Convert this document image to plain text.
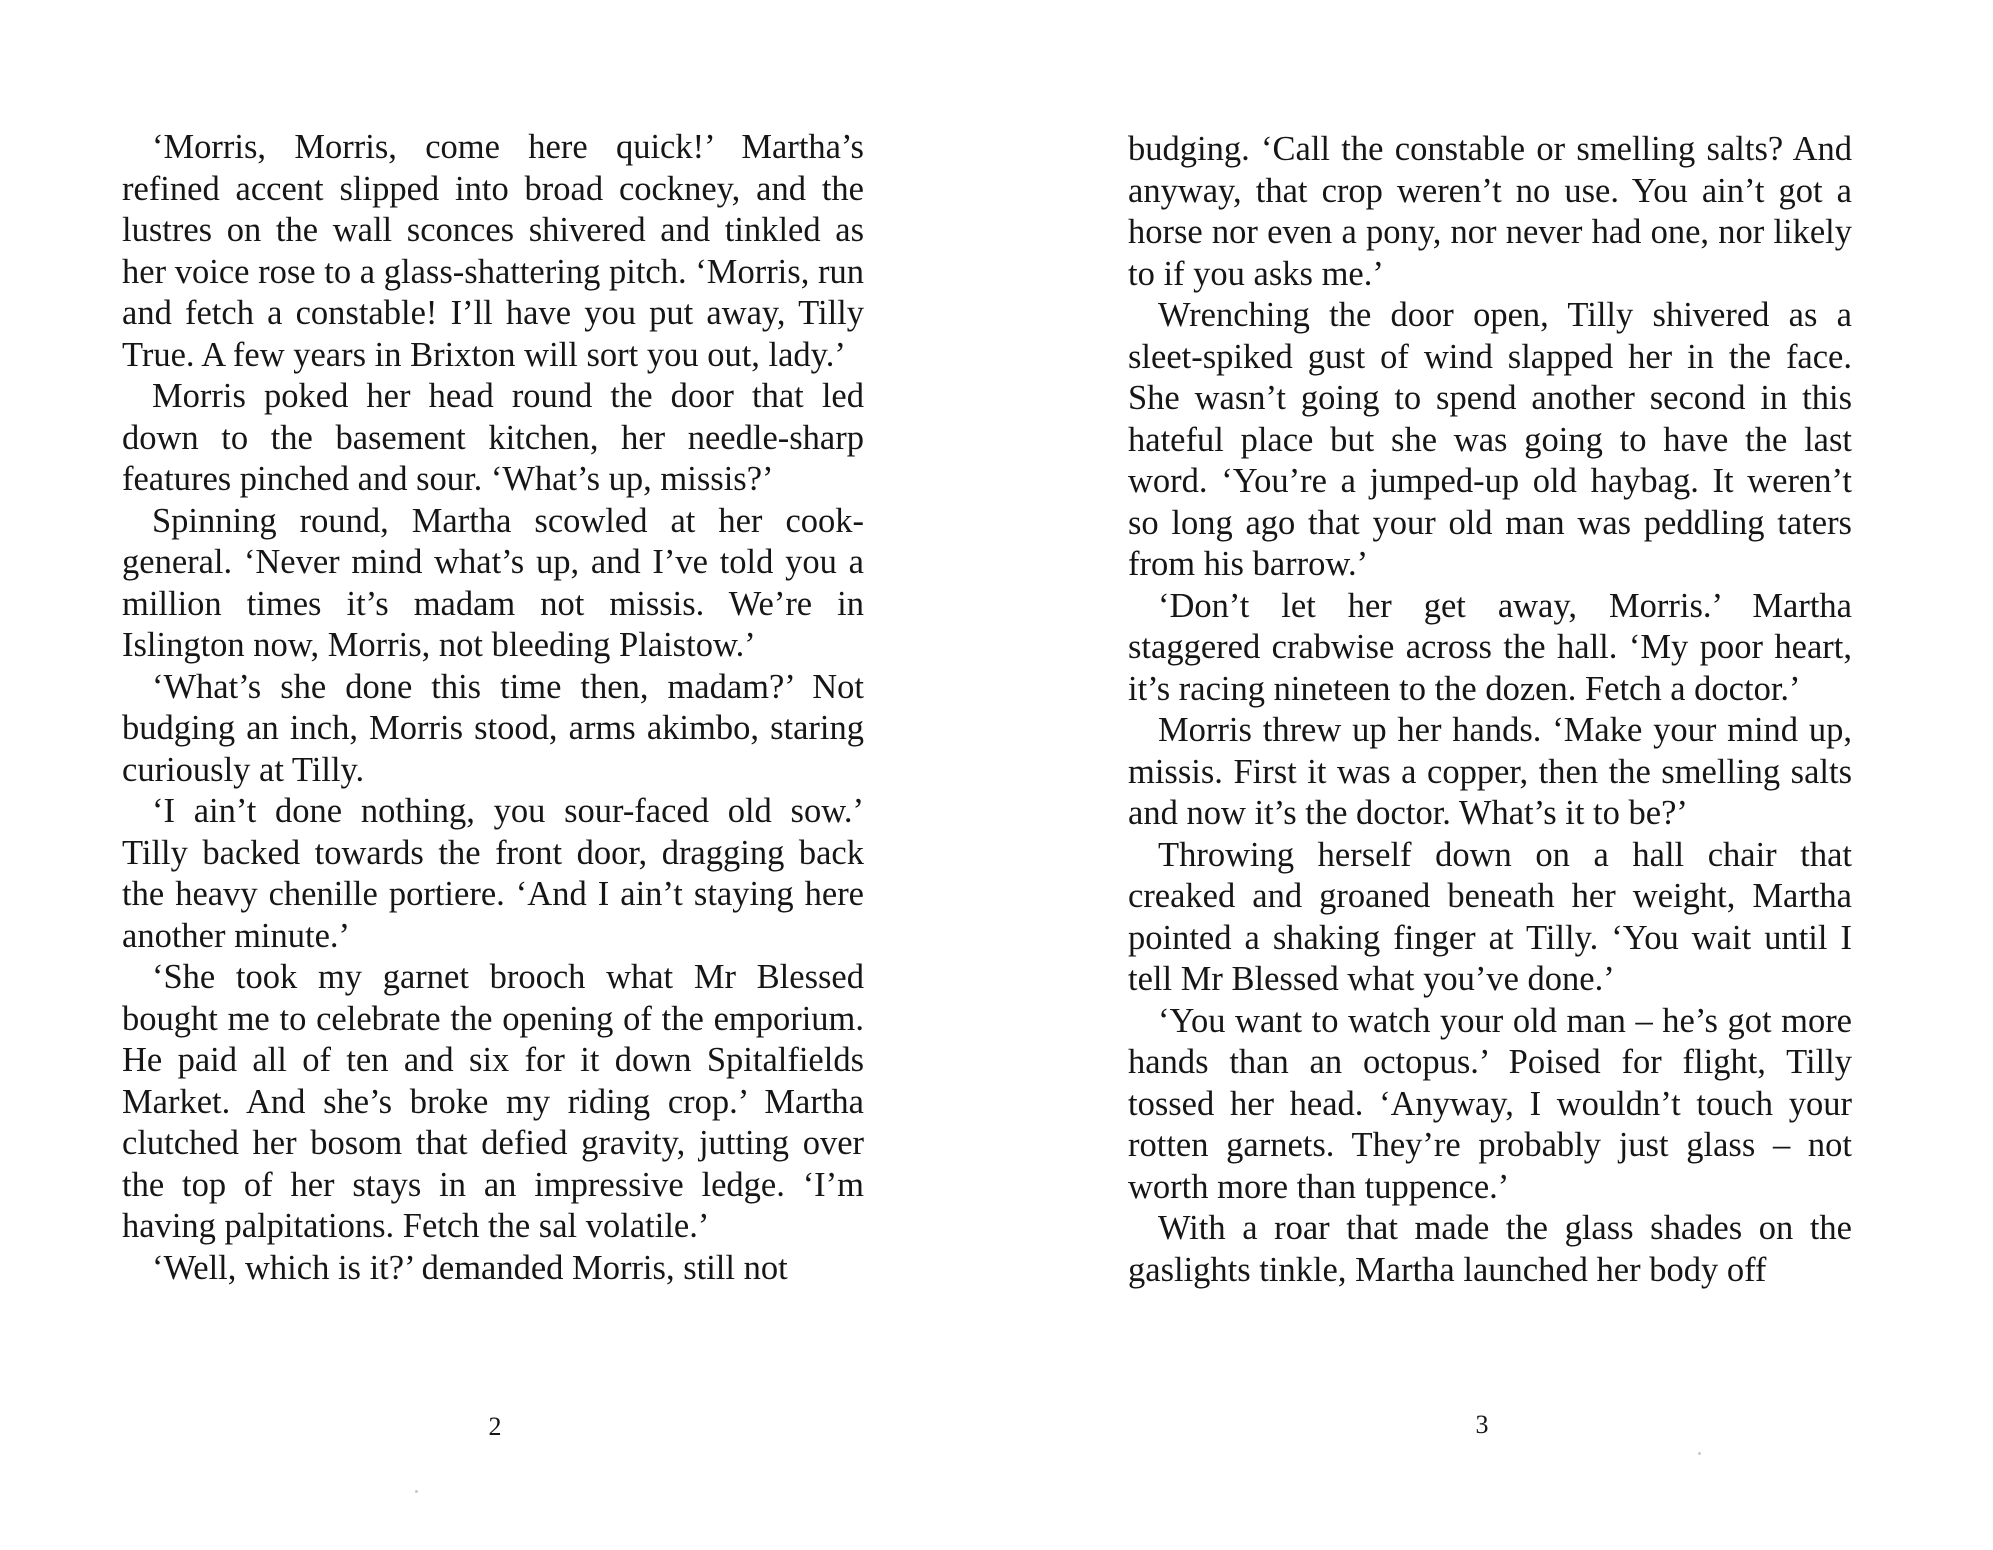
‘Morris, Morris, come here quick!’ Martha’s refined accent slipped into broad cockney, and the lustres on the wall sconces shivered and tinkled as her voice rose to a glass-shattering pitch. ‘Morris, run and fetch a constable! I’ll have you put away, Tilly True. A few years in Brixton will sort you out, lady.’

Morris poked her head round the door that led down to the basement kitchen, her needle-sharp features pinched and sour. ‘What’s up, missis?’

Spinning round, Martha scowled at her cook-general. ‘Never mind what’s up, and I’ve told you a million times it’s madam not missis. We’re in Islington now, Morris, not bleeding Plaistow.’

‘What’s she done this time then, madam?’ Not budging an inch, Morris stood, arms akimbo, staring curiously at Tilly.

‘I ain’t done nothing, you sour-faced old sow.’ Tilly backed towards the front door, dragging back the heavy chenille portiere. ‘And I ain’t staying here another minute.’

‘She took my garnet brooch what Mr Blessed bought me to celebrate the opening of the emporium. He paid all of ten and six for it down Spitalfields Market. And she’s broke my riding crop.’ Martha clutched her bosom that defied gravity, jutting over the top of her stays in an impressive ledge. ‘I’m having palpitations. Fetch the sal volatile.’

‘Well, which is it?’ demanded Morris, still not

2

budging. ‘Call the constable or smelling salts? And anyway, that crop weren’t no use. You ain’t got a horse nor even a pony, nor never had one, nor likely to if you asks me.’

Wrenching the door open, Tilly shivered as a sleet-spiked gust of wind slapped her in the face. She wasn’t going to spend another second in this hateful place but she was going to have the last word. ‘You’re a jumped-up old haybag. It weren’t so long ago that your old man was peddling taters from his barrow.’

‘Don’t let her get away, Morris.’ Martha staggered crabwise across the hall. ‘My poor heart, it’s racing nineteen to the dozen. Fetch a doctor.’

Morris threw up her hands. ‘Make your mind up, missis. First it was a copper, then the smelling salts and now it’s the doctor. What’s it to be?’

Throwing herself down on a hall chair that creaked and groaned beneath her weight, Martha pointed a shaking finger at Tilly. ‘You wait until I tell Mr Blessed what you’ve done.’

‘You want to watch your old man – he’s got more hands than an octopus.’ Poised for flight, Tilly tossed her head. ‘Anyway, I wouldn’t touch your rotten garnets. They’re probably just glass – not worth more than tuppence.’

With a roar that made the glass shades on the gaslights tinkle, Martha launched her body off

3
